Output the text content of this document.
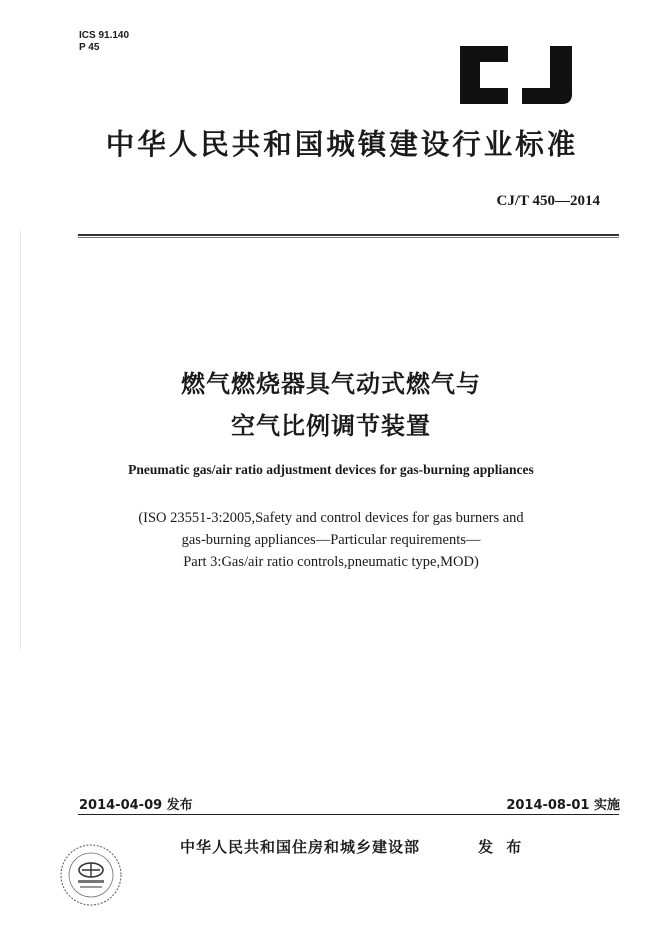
ICS 91.140
P 45
中华人民共和国城镇建设行业标准
CJ/T 450—2014
燃气燃烧器具气动式燃气与
空气比例调节装置
Pneumatic gas/air ratio adjustment devices for gas-burning appliances
(ISO 23551-3:2005,Safety and control devices for gas burners and
gas-burning appliances—Particular requirements—
Part 3:Gas/air ratio controls,pneumatic type,MOD)
2014-04-09 发布	2014-08-01 实施
中华人民共和国住房和城乡建设部	发 布
